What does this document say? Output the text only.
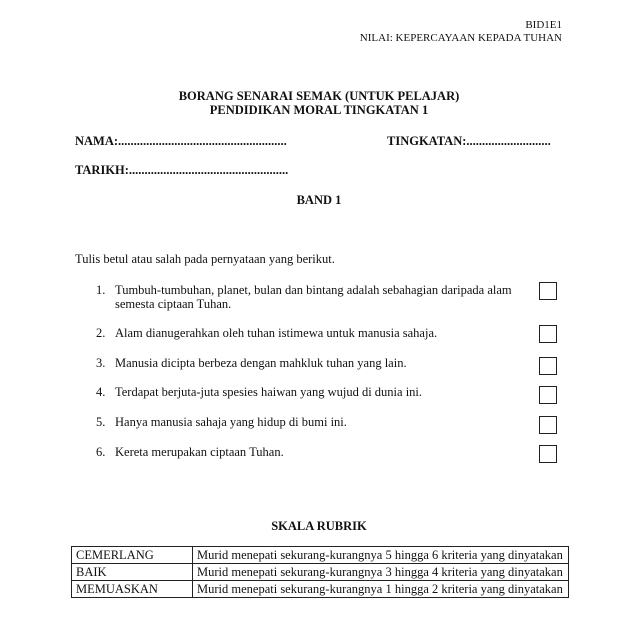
BID1E1
NILAI: KEPERCAYAAN KEPADA TUHAN
BORANG SENARAI SEMAK (UNTUK PELAJAR)
PENDIDIKAN MORAL TINGKATAN 1
NAMA:......................................................	TINGKATAN:...........................
TARIKH:...................................................
BAND 1
Tulis betul atau salah pada pernyataan yang berikut.
1. Tumbuh-tumbuhan, planet, bulan dan bintang adalah sebahagian daripada alam
semesta ciptaan Tuhan.
2. Alam dianugerahkan oleh tuhan istimewa untuk manusia sahaja.
3. Manusia dicipta berbeza dengan mahkluk tuhan yang lain.
4. Terdapat berjuta-juta spesies haiwan yang wujud di dunia ini.
5. Hanya manusia sahaja yang hidup di bumi ini.
6. Kereta merupakan ciptaan Tuhan.
SKALA RUBRIK
CEMERLANG	Murid menepati sekurang-kurangnya 5 hingga 6 kriteria yang dinyatakan
BAIK	Murid menepati sekurang-kurangnya 3 hingga 4 kriteria yang dinyatakan
MEMUASKAN	Murid menepati sekurang-kurangnya 1 hingga 2 kriteria yang dinyatakan
